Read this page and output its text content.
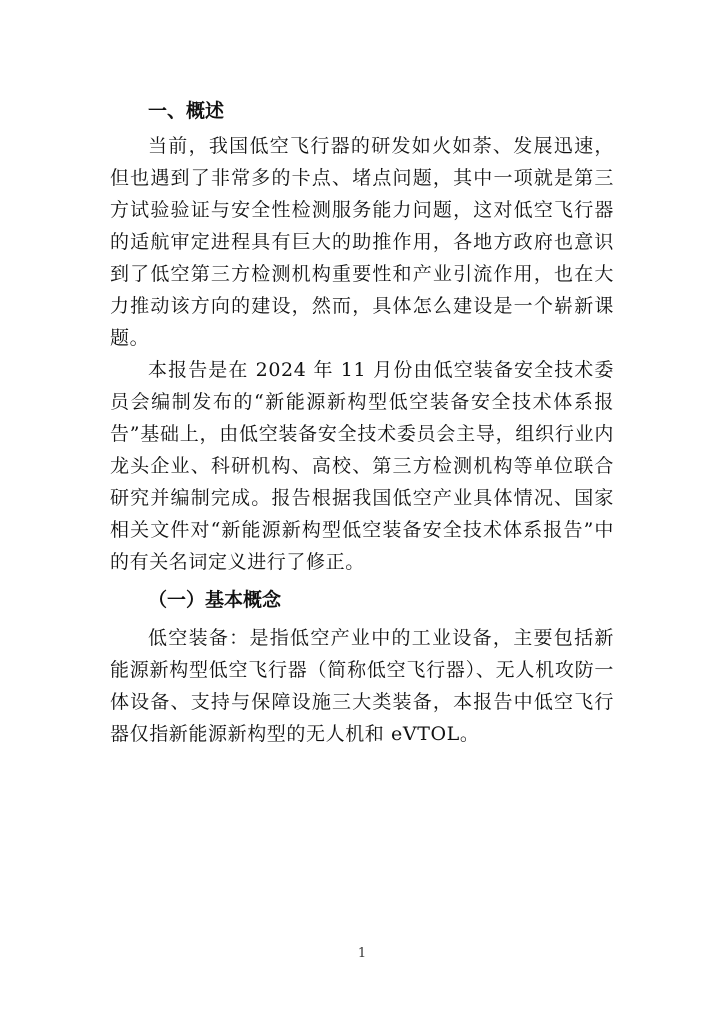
一、概述

当前，我国低空飞行器的研发如火如荼、发展迅速，但也遇到了非常多的卡点、堵点问题，其中一项就是第三方试验验证与安全性检测服务能力问题，这对低空飞行器的适航审定进程具有巨大的助推作用，各地方政府也意识到了低空第三方检测机构重要性和产业引流作用，也在大力推动该方向的建设，然而，具体怎么建设是一个崭新课题。

本报告是在 2024 年 11 月份由低空装备安全技术委员会编制发布的“新能源新构型低空装备安全技术体系报告”基础上，由低空装备安全技术委员会主导，组织行业内龙头企业、科研机构、高校、第三方检测机构等单位联合研究并编制完成。报告根据我国低空产业具体情况、国家相关文件对“新能源新构型低空装备安全技术体系报告”中的有关名词定义进行了修正。

（一）基本概念

低空装备：是指低空产业中的工业设备，主要包括新能源新构型低空飞行器（简称低空飞行器）、无人机攻防一体设备、支持与保障设施三大类装备，本报告中低空飞行器仅指新能源新构型的无人机和 eVTOL。

1
